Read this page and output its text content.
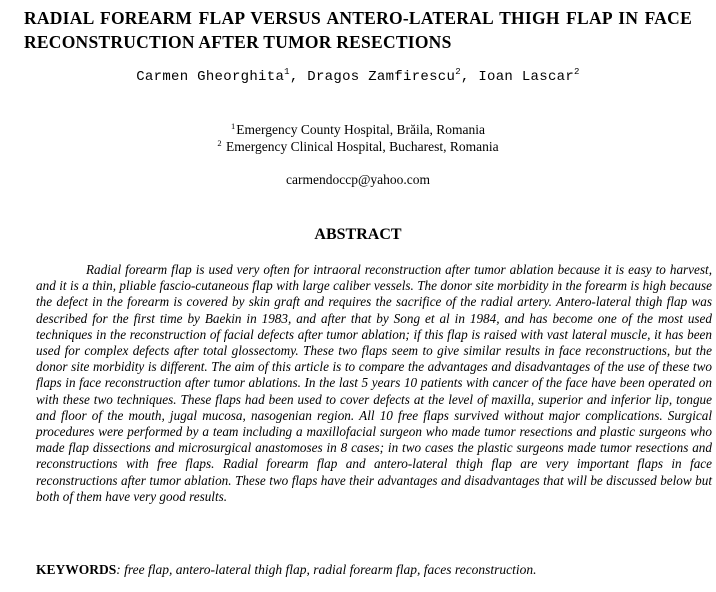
RADIAL FOREARM FLAP VERSUS ANTERO-LATERAL THIGH FLAP IN FACE RECONSTRUCTION AFTER TUMOR RESECTIONS
Carmen Gheorghita$^1$, Dragos Zamfirescu$^2$, Ioan Lascar$^2$
$^1$Emergency County Hospital, Brăila, Romania
$^2$ Emergency Clinical Hospital, Bucharest, Romania
carmendoccp@yahoo.com
ABSTRACT

Radial forearm flap is used very often for intraoral reconstruction after tumor ablation because it is easy to harvest, and it is a thin, pliable fascio-cutaneous flap with large caliber vessels. The donor site morbidity in the forearm is high because the defect in the forearm is covered by skin graft and requires the sacrifice of the radial artery. Antero-lateral thigh flap was described for the first time by Baekin in 1983, and after that by Song et al in 1984, and has become one of the most used techniques in the reconstruction of facial defects after tumor ablation; if this flap is raised with vast lateral muscle, it has been used for complex defects after total glossectomy. These two flaps seem to give similar results in face reconstructions, but the donor site morbidity is different. The aim of this article is to compare the advantages and disadvantages of the use of these two flaps in face reconstruction after tumor ablations. In the last 5 years 10 patients with cancer of the face have been operated on with these two techniques. These flaps had been used to cover defects at the level of maxilla, superior and inferior lip, tongue and floor of the mouth, jugal mucosa, nasogenian region. All 10 free flaps survived without major complications. Surgical procedures were performed by a team including a maxillofacial surgeon who made tumor resections and plastic surgeons who made flap dissections and microsurgical anastomoses in 8 cases; in two cases the plastic surgeons made tumor resections and reconstructions with free flaps. Radial forearm flap and antero-lateral thigh flap are very important flaps in face reconstructions after tumor ablation. These two flaps have their advantages and disadvantages that will be discussed below but both of them have very good results.

KEYWORDS: free flap, antero-lateral thigh flap, radial forearm flap, faces reconstruction.
